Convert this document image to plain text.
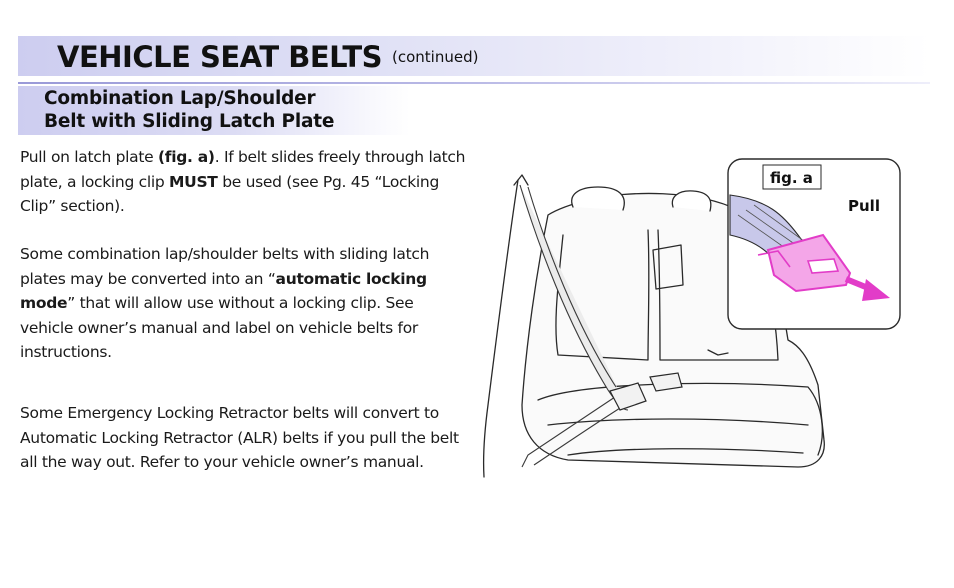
VEHICLE SEAT BELTS (continued)
Combination Lap/Shoulder
Belt with Sliding Latch Plate

Pull on latch plate (fig. a). If belt slides freely through latch plate, a locking clip MUST be used (see Pg. 45 “Locking Clip” section).

Some combination lap/shoulder belts with sliding latch plates may be converted into an “automatic locking mode” that will allow use without a locking clip. See vehicle owner’s manual and label on vehicle belts for instructions.

Some Emergency Locking Retractor belts will convert to Automatic Locking Retractor (ALR) belts if you pull the belt all the way out. Refer to your vehicle owner’s manual.

fig. a
Pull
